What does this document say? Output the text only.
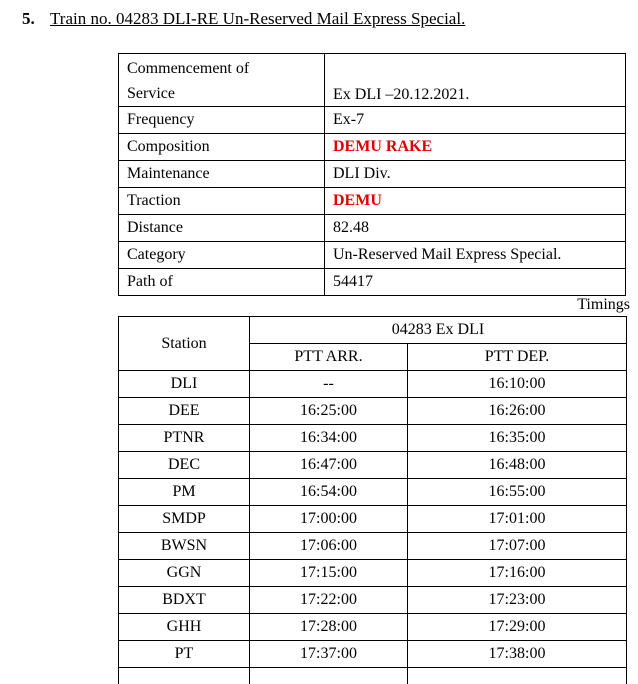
5. Train no. 04283 DLI-RE Un-Reserved Mail Express Special.
Commencement of
Service	Ex DLI –20.12.2021.
Frequency	Ex-7
Composition	DEMU RAKE
Maintenance	DLI Div.
Traction	DEMU
Distance	82.48
Category	Un-Reserved Mail Express Special.
Path of	54417
Timings
Station	04283 Ex DLI	
	PTT ARR.	PTT DEP.
DLI	--	16:10:00
DEE	16:25:00	16:26:00
PTNR	16:34:00	16:35:00
DEC	16:47:00	16:48:00
PM	16:54:00	16:55:00
SMDP	17:00:00	17:01:00
BWSN	17:06:00	17:07:00
GGN	17:15:00	17:16:00
BDXT	17:22:00	17:23:00
GHH	17:28:00	17:29:00
PT	17:37:00	17:38:00
